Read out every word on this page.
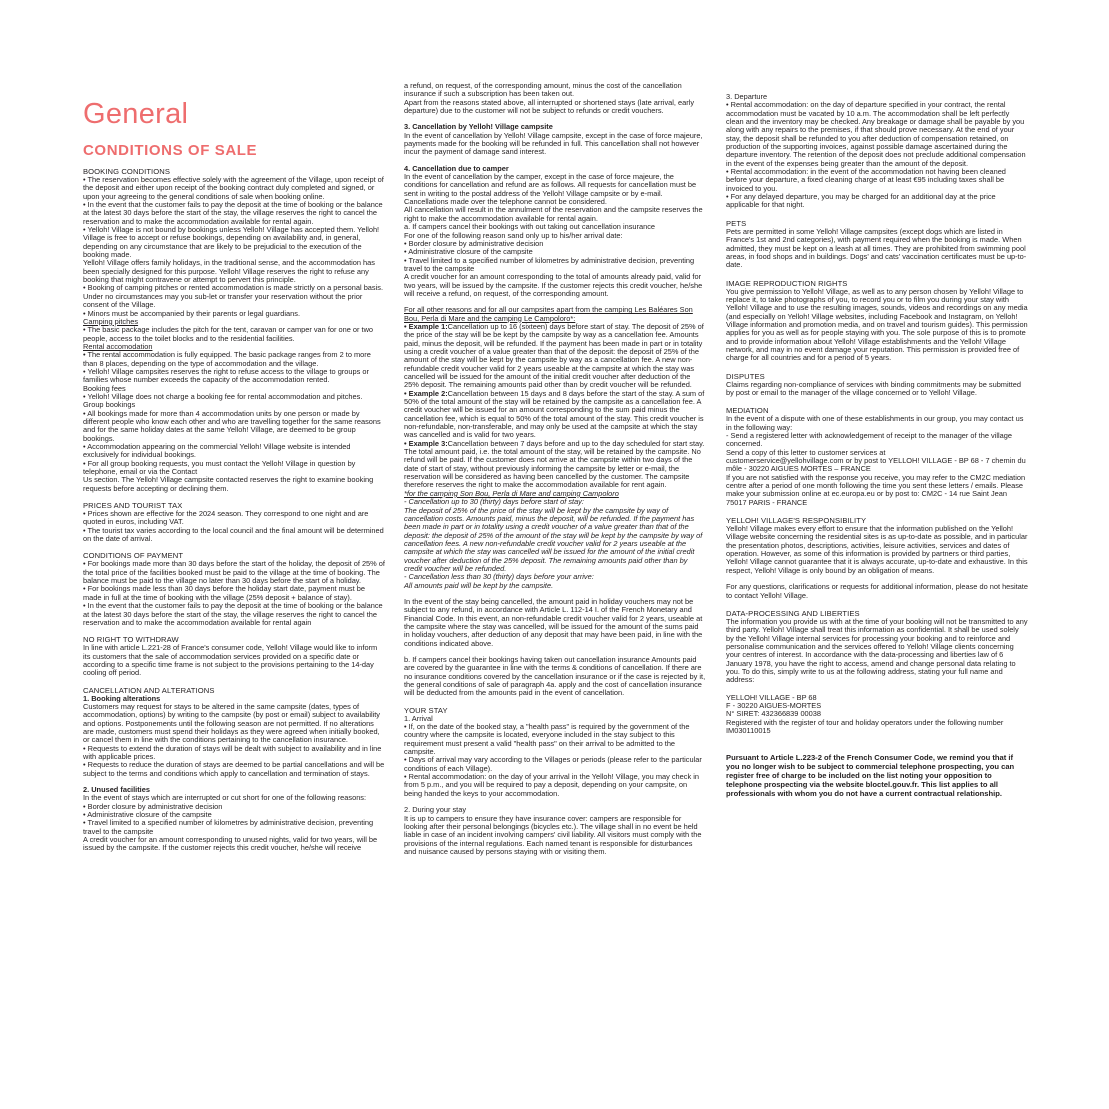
General
CONDITIONS OF SALE
BOOKING CONDITIONS

• The reservation becomes effective solely with the agreement of the Village, upon receipt of the deposit and either upon receipt of the booking contract duly completed and signed, or upon your agreeing to the general conditions of sale when booking online.

• In the event that the customer fails to pay the deposit at the time of booking or the balance at the latest 30 days before the start of the stay, the village reserves the right to cancel the reservation and to make the accommodation available for rental again.

• Yelloh! Village is not bound by bookings unless Yelloh! Village has accepted them. Yelloh! Village is free to accept or refuse bookings, depending on availability and, in general, depending on any circumstance that are likely to be prejudicial to the execution of the booking made.

Yelloh! Village offers family holidays, in the traditional sense, and the accommodation has been specially designed for this purpose. Yelloh! Village reserves the right to refuse any booking that might contravene or attempt to pervert this principle.

• Booking of camping pitches or rented accommodation is made strictly on a personal basis. Under no circumstances may you sub-let or transfer your reservation without the prior consent of the Village.

• Minors must be accompanied by their parents or legal guardians.

Camping pitches

• The basic package includes the pitch for the tent, caravan or camper van for one or two people, access to the toilet blocks and to the residential facilities.

Rental accomodation

• The rental accommodation is fully equipped. The basic package ranges from 2 to more than 8 places, depending on the type of accommodation and the village.

• Yelloh! Village campsites reserves the right to refuse access to the village to groups or families whose number exceeds the capacity of the accommodation rented.

Booking fees

• Yelloh! Village does not charge a booking fee for rental accommodation and pitches.

Group bookings

• All bookings made for more than 4 accommodation units by one person or made by different people who know each other and who are travelling together for the same reasons and for the same holiday dates at the same Yelloh! Village, are deemed to be group bookings.

• Accommodation appearing on the commercial Yelloh! Village website is intended exclusively for individual bookings.

• For all group booking requests, you must contact the Yelloh! Village in question by telephone, email or via the Contact

Us section. The Yelloh! Village campsite contacted reserves the right to examine booking requests before accepting or declining them.

PRICES AND TOURIST TAX

• Prices shown are effective for the 2024 season. They correspond to one night and are quoted in euros, including VAT.

• The tourist tax varies according to the local council and the final amount will be determined on the date of arrival.

CONDITIONS OF PAYMENT

• For bookings made more than 30 days before the start of the holiday, the deposit of 25% of the total price of the facilities booked must be paid to the village at the time of booking. The balance must be paid to the village no later than 30 days before the start of a holiday.

• For bookings made less than 30 days before the holiday start date, payment must be made in full at the time of booking with the village (25% deposit + balance of stay).

• In the event that the customer fails to pay the deposit at the time of booking or the balance at the latest 30 days before the start of the stay, the village reserves the right to cancel the reservation and to make the accommodation available for rental again

NO RIGHT TO WITHDRAW

In line with article L.221-28 of France's consumer code, Yelloh! Village would like to inform its customers that the sale of accommodation services provided on a specific date or according to a specific time frame is not subject to the provisions pertaining to the 14-day cooling off period.

CANCELLATION AND ALTERATIONS

1. Booking alterations

Customers may request for stays to be altered in the same campsite (dates, types of accommodation, options) by writing to the campsite (by post or email) subject to availability and options. Postponements until the following season are not permitted. If no alterations are made, customers must spend their holidays as they were agreed when initially booked, or cancel them in line with the conditions pertaining to the cancellation insurance.

• Requests to extend the duration of stays will be dealt with subject to availability and in line with applicable prices.

• Requests to reduce the duration of stays are deemed to be partial cancellations and will be subject to the terms and conditions which apply to cancellation and termination of stays.

2. Unused facilities

In the event of stays which are interrupted or cut short for one of the following reasons:

• Border closure by administrative decision

• Administrative closure of the campsite

• Travel limited to a specified number of kilometres by administrative decision, preventing travel to the campsite

A credit voucher for an amount corresponding to unused nights, valid for two years, will be issued by the campsite. If the customer rejects this credit voucher, he/she will receive

a refund, on request, of the corresponding amount, minus the cost of the cancellation insurance if such a subscription has been taken out.

Apart from the reasons stated above, all interrupted or shortened stays (late arrival, early departure) due to the customer will not be subject to refunds or credit vouchers.

3. Cancellation by Yelloh! Village campsite

In the event of cancellation by Yelloh! Village campsite, except in the case of force majeure, payments made for the booking will be refunded in full. This cancellation shall not however incur the payment of damage sand interest.

4. Cancellation due to camper

In the event of cancellation by the camper, except in the case of force majeure, the conditions for cancellation and refund are as follows. All requests for cancellation must be sent in writing to the postal address of the Yelloh! Village campsite or by e-mail. Cancellations made over the telephone cannot be considered.

All cancellation will result in the annulment of the reservation and the campsite reserves the right to make the accommodation available for rental again.

a. If campers cancel their bookings with out taking out cancellation insurance

For one of the following reason sand only up to his/her arrival date:

• Border closure by administrative decision

• Administrative closure of the campsite

• Travel limited to a specified number of kilometres by administrative decision, preventing travel to the campsite

A credit voucher for an amount corresponding to the total of amounts already paid, valid for two years, will be issued by the campsite. If the customer rejects this credit voucher, he/she will receive a refund, on request, of the corresponding amount.

For all other reasons and for all our campsites apart from the camping Les Baléares Son Bou, Perla di Mare and the camping Le Campoloro*:

• Example 1:Cancellation up to 16 (sixteen) days before start of stay. The deposit of 25% of the price of the stay will be be kept by the campsite by way as a cancellation fee. Amounts paid, minus the deposit, will be refunded. If the payment has been made in part or in totality using a credit voucher of a value greater than that of the deposit: the deposit of 25% of the amount of the stay will be kept by the campsite by way as a cancellation fee. A new non-refundable credit voucher valid for 2 years useable at the campsite at which the stay was cancelled will be issued for the amount of the initial credit voucher after deduction of the 25% deposit. The remaining amounts paid other than by credit voucher will be refunded.

• Example 2:Cancellation between 15 days and 8 days before the start of the stay. A sum of 50% of the total amount of the stay will be retained by the campsite as a cancellation fee. A credit voucher will be issued for an amount corresponding to the sum paid minus the cancellation fee, which is equal to 50% of the total amount of the stay. This credit voucher is non-refundable, non-transferable, and may only be used at the campsite at which the stay was cancelled and is valid for two years.

• Example 3:Cancellation between 7 days before and up to the day scheduled for start stay. The total amount paid, i.e. the total amount of the stay, will be retained by the campsite. No refund will be paid. If the customer does not arrive at the campsite within two days of the date of start of stay, without previously informing the campsite by letter or e-mail, the reservation will be considered as having been cancelled by the customer. The campsite therefore reserves the right to make the accommodation available for rent again.

*for the camping Son Bou, Perla di Mare and camping Campoloro

- Cancellation up to 30 (thirty) days before start of stay:

The deposit of 25% of the price of the stay will be kept by the campsite by way of cancellation costs. Amounts paid, minus the deposit, will be refunded. If the payment has been made in part or in totality using a credit voucher of a value greater than that of the deposit: the deposit of 25% of the amount of the stay will be kept by the campsite by way of cancellation fees. A new non-refundable credit voucher valid for 2 years useable at the campsite at which the stay was cancelled will be issued for the amount of the initial credit voucher after deduction of the 25% deposit. The remaining amounts paid other than by credit voucher will be refunded.

- Cancellation less than 30 (thirty) days before your arrive:

All amounts paid will be kept by the campsite.

In the event of the stay being cancelled, the amount paid in holiday vouchers may not be subject to any refund, in accordance with Article L. 112-14 I. of the French Monetary and Financial Code. In this event, an non-refundable credit voucher valid for 2 years, useable at the campsite where the stay was cancelled, will be issued for the amount of the sums paid in holiday vouchers, after deduction of any deposit that may have been paid, in line with the conditions indicated above.

b. If campers cancel their bookings having taken out cancellation insurance Amounts paid are covered by the guarantee in line with the terms & conditions of cancellation. If there are no insurance conditions covered by the cancellation insurance or if the case is rejected by it, the general conditions of sale of paragraph 4a. apply and the cost of cancellation insurance will be deducted from the amounts paid in the event of cancellation.

YOUR STAY

1. Arrival

• If, on the date of the booked stay, a "health pass" is required by the government of the country where the campsite is located, everyone included in the stay subject to this requirement must present a valid "health pass" on their arrival to be admitted to the campsite.

• Days of arrival may vary according to the Villages or periods (please refer to the particular conditions of each Village).

• Rental accommodation: on the day of your arrival in the Yelloh! Village, you may check in from 5 p.m., and you will be required to pay a deposit, depending on your campsite, on being handed the keys to your accommodation.

2. During your stay

It is up to campers to ensure they have insurance cover: campers are responsible for looking after their personal belongings (bicycles etc.). The village shall in no event be held liable in case of an incident involving campers' civil liability. All visitors must comply with the provisions of the internal regulations. Each named tenant is responsible for disturbances and nuisance caused by persons staying with or visiting them.

3. Departure

• Rental accommodation: on the day of departure specified in your contract, the rental accommodation must be vacated by 10 a.m. The accommodation shall be left perfectly clean and the inventory may be checked. Any breakage or damage shall be payable by you along with any repairs to the premises, if that should prove necessary. At the end of your stay, the deposit shall be refunded to you after deduction of compensation retained, on production of the supporting invoices, against possible damage ascertained during the departure inventory. The retention of the deposit does not preclude additional compensation in the event of the expenses being greater than the amount of the deposit.

• Rental accommodation: in the event of the accommodation not having been cleaned before your departure, a fixed cleaning charge of at least €95 including taxes shall be invoiced to you.

• For any delayed departure, you may be charged for an additional day at the price applicable for that night.

PETS

Pets are permitted in some Yelloh! Village campsites (except dogs which are listed in France's 1st and 2nd categories), with payment required when the booking is made. When admitted, they must be kept on a leash at all times. They are prohibited from swimming pool areas, in food shops and in buildings. Dogs' and cats' vaccination certificates must be up-to-date.

IMAGE REPRODUCTION RIGHTS

You give permission to Yelloh! Village, as well as to any person chosen by Yelloh! Village to replace it, to take photographs of you, to record you or to film you during your stay with Yelloh! Village and to use the resulting images, sounds, videos and recordings on any media (and especially on Yelloh! Village websites, including Facebook and Instagram, on Yelloh! Village information and promotion media, and on travel and tourism guides). This permission applies for you as well as for people staying with you. The sole purpose of this is to promote and to provide information about Yelloh! Village establishments and the Yelloh! Village network, and may in no event damage your reputation. This permission is provided free of charge for all countries and for a period of 5 years.

DISPUTES

Claims regarding non-compliance of services with binding commitments may be submitted by post or email to the manager of the village concerned or to Yelloh! Village.

MEDIATION

In the event of a dispute with one of these establishments in our group, you may contact us in the following way:

- Send a registered letter with acknowledgement of receipt to the manager of the village concerned.

Send a copy of this letter to customer services at

customerservice@yellohvillage.com or by post to YELLOH! VILLAGE - BP 68 - 7 chemin du môle - 30220 AIGUES MORTES – FRANCE

If you are not satisfied with the response you receive, you may refer to the CM2C mediation centre after a period of one month following the time you sent these letters / emails. Please make your submission online at ec.europa.eu or by post to: CM2C - 14 rue Saint Jean 75017 PARIS - FRANCE

YELLOH! VILLAGE'S RESPONSIBILITY

Yelloh! Village makes every effort to ensure that the information published on the Yelloh! Village website concerning the residential sites is as up-to-date as possible, and in particular the presentation photos, descriptions, activities, leisure activities, services and dates of operation. However, as some of this information is provided by partners or third parties, Yelloh! Village cannot guarantee that it is always accurate, up-to-date and exhaustive. In this respect, Yelloh! Village is only bound by an obligation of means.

For any questions, clarifications or requests for additional information, please do not hesitate to contact Yelloh! Village.

DATA-PROCESSING AND LIBERTIES

The information you provide us with at the time of your booking will not be transmitted to any third party. Yelloh! Village shall treat this information as confidential. It shall be used solely by the Yelloh! Village internal services for processing your booking and to reinforce and personalise communication and the services offered to Yelloh! Village clients concerning your centres of interest. In accordance with the data-processing and liberties law of 6 January 1978, you have the right to access, amend and change personal data relating to you. To do this, simply write to us at the following address, stating your full name and address:

YELLOH! VILLAGE - BP 68

F - 30220 AIGUES-MORTES

N° SIRET: 432366839 00038

Registered with the register of tour and holiday operators under the following number IM030110015

Pursuant to Article L.223-2 of the French Consumer Code, we remind you that if you no longer wish to be subject to commercial telephone prospecting, you can register free of charge to be included on the list noting your opposition to telephone prospecting via the website bloctel.gouv.fr. This list applies to all professionals with whom you do not have a current contractual relationship.
